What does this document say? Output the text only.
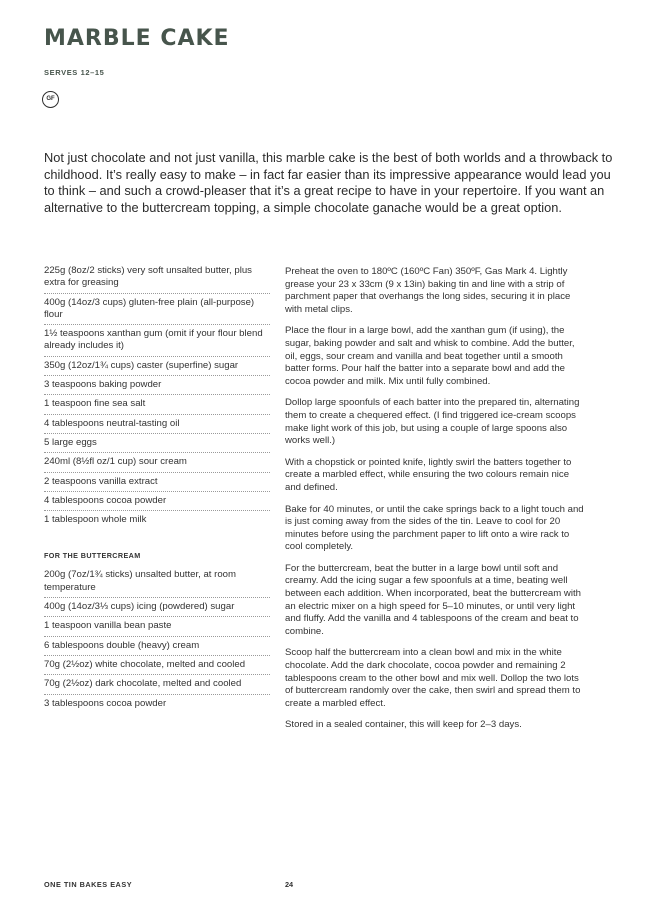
MARBLE CAKE
SERVES 12–15
GF

Not just chocolate and not just vanilla, this marble cake is the best of both worlds and a throwback to childhood. It’s really easy to make – in fact far easier than its impressive appearance would lead you to think – and such a crowd-pleaser that it’s a great recipe to have in your repertoire. If you want an alternative to the buttercream topping, a simple chocolate ganache would be a great option.

225g (8oz/2 sticks) very soft unsalted butter, plus extra for greasing
400g (14oz/3 cups) gluten-free plain (all-purpose) flour
1½ teaspoons xanthan gum (omit if your flour blend already includes it)
350g (12oz/1¾ cups) caster (superfine) sugar
3 teaspoons baking powder
1 teaspoon fine sea salt
4 tablespoons neutral-tasting oil
5 large eggs
240ml (8½fl oz/1 cup) sour cream
2 teaspoons vanilla extract
4 tablespoons cocoa powder
1 tablespoon whole milk
FOR THE BUTTERCREAM
200g (7oz/1¾ sticks) unsalted butter, at room temperature
400g (14oz/3⅓ cups) icing (powdered) sugar
1 teaspoon vanilla bean paste
6 tablespoons double (heavy) cream
70g (2½oz) white chocolate, melted and cooled
70g (2½oz) dark chocolate, melted and cooled
3 tablespoons cocoa powder

Preheat the oven to 180ºC (160ºC Fan) 350ºF, Gas Mark 4. Lightly grease your 23 x 33cm (9 x 13in) baking tin and line with a strip of parchment paper that overhangs the long sides, securing it in place with metal clips.

Place the flour in a large bowl, add the xanthan gum (if using), the sugar, baking powder and salt and whisk to combine. Add the butter, oil, eggs, sour cream and vanilla and beat together until a smooth batter forms. Pour half the batter into a separate bowl and add the cocoa powder and milk. Mix until fully combined.

Dollop large spoonfuls of each batter into the prepared tin, alternating them to create a chequered effect. (I find triggered ice-cream scoops make light work of this job, but using a couple of large spoons also works well.)

With a chopstick or pointed knife, lightly swirl the batters together to create a marbled effect, while ensuring the two colours remain nice and defined.

Bake for 40 minutes, or until the cake springs back to a light touch and is just coming away from the sides of the tin. Leave to cool for 20 minutes before using the parchment paper to lift onto a wire rack to cool completely.

For the buttercream, beat the butter in a large bowl until soft and creamy. Add the icing sugar a few spoonfuls at a time, beating well between each addition. When incorporated, beat the buttercream with an electric mixer on a high speed for 5–10 minutes, or until very light and fluffy. Add the vanilla and 4 tablespoons of the cream and beat to combine.

Scoop half the buttercream into a clean bowl and mix in the white chocolate. Add the dark chocolate, cocoa powder and remaining 2 tablespoons cream to the other bowl and mix well. Dollop the two lots of buttercream randomly over the cake, then swirl and spread them to create a marbled effect.

Stored in a sealed container, this will keep for 2–3 days.

ONE TIN BAKES EASY	24
